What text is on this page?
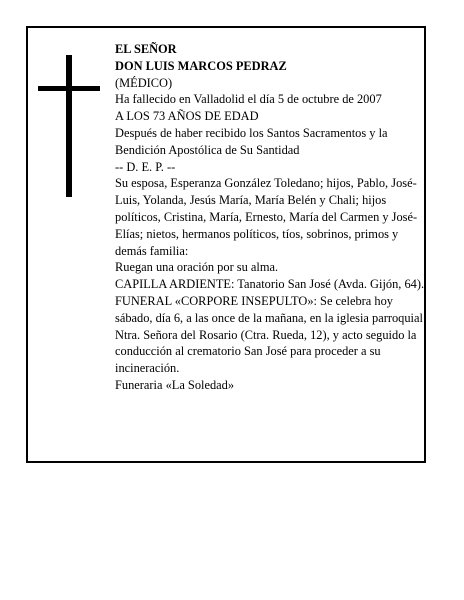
EL SEÑOR
DON LUIS MARCOS PEDRAZ
(MÉDICO)
Ha fallecido en Valladolid el día 5 de octubre de 2007
A LOS 73 AÑOS DE EDAD
Después de haber recibido los Santos Sacramentos y la Bendición Apostólica de Su Santidad
-- D. E. P. --
Su esposa, Esperanza González Toledano; hijos, Pablo, José-Luis, Yolanda, Jesús María, María Belén y Chali; hijos políticos, Cristina, María, Ernesto, María del Carmen y José-Elías; nietos, hermanos políticos, tíos, sobrinos, primos y demás familia:
Ruegan una oración por su alma.
CAPILLA ARDIENTE: Tanatorio San José (Avda. Gijón, 64).
FUNERAL «CORPORE INSEPULTO»: Se celebra hoy sábado, día 6, a las once de la mañana, en la iglesia parroquial Ntra. Señora del Rosario (Ctra. Rueda, 12), y acto seguido la conducción al crematorio San José para proceder a su incineración.
Funeraria «La Soledad»
